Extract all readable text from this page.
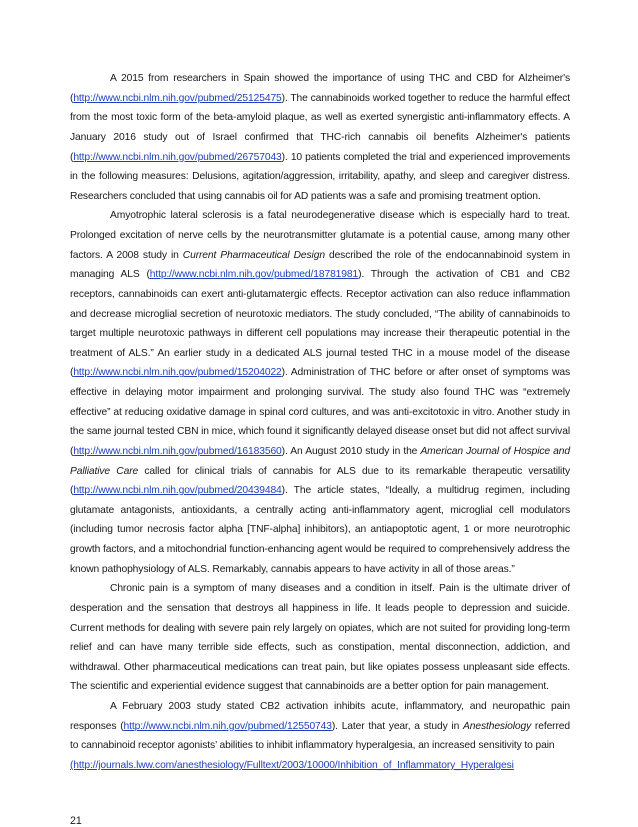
A 2015 from researchers in Spain showed the importance of using THC and CBD for Alzheimer's (http://www.ncbi.nlm.nih.gov/pubmed/25125475). The cannabinoids worked together to reduce the harmful effect from the most toxic form of the beta-amyloid plaque, as well as exerted synergistic anti-inflammatory effects. A January 2016 study out of Israel confirmed that THC-rich cannabis oil benefits Alzheimer's patients (http://www.ncbi.nlm.nih.gov/pubmed/26757043). 10 patients completed the trial and experienced improvements in the following measures: Delusions, agitation/aggression, irritability, apathy, and sleep and caregiver distress. Researchers concluded that using cannabis oil for AD patients was a safe and promising treatment option.

Amyotrophic lateral sclerosis is a fatal neurodegenerative disease which is especially hard to treat. Prolonged excitation of nerve cells by the neurotransmitter glutamate is a potential cause, among many other factors. A 2008 study in Current Pharmaceutical Design described the role of the endocannabinoid system in managing ALS (http://www.ncbi.nlm.nih.gov/pubmed/18781981). Through the activation of CB1 and CB2 receptors, cannabinoids can exert anti-glutamatergic effects. Receptor activation can also reduce inflammation and decrease microglial secretion of neurotoxic mediators. The study concluded, “The ability of cannabinoids to target multiple neurotoxic pathways in different cell populations may increase their therapeutic potential in the treatment of ALS.” An earlier study in a dedicated ALS journal tested THC in a mouse model of the disease (http://www.ncbi.nlm.nih.gov/pubmed/15204022). Administration of THC before or after onset of symptoms was effective in delaying motor impairment and prolonging survival. The study also found THC was “extremely effective” at reducing oxidative damage in spinal cord cultures, and was anti-excitotoxic in vitro. Another study in the same journal tested CBN in mice, which found it significantly delayed disease onset but did not affect survival (http://www.ncbi.nlm.nih.gov/pubmed/16183560). An August 2010 study in the American Journal of Hospice and Palliative Care called for clinical trials of cannabis for ALS due to its remarkable therapeutic versatility (http://www.ncbi.nlm.nih.gov/pubmed/20439484). The article states, “Ideally, a multidrug regimen, including glutamate antagonists, antioxidants, a centrally acting anti-inflammatory agent, microglial cell modulators (including tumor necrosis factor alpha [TNF-alpha] inhibitors), an antiapoptotic agent, 1 or more neurotrophic growth factors, and a mitochondrial function-enhancing agent would be required to comprehensively address the known pathophysiology of ALS. Remarkably, cannabis appears to have activity in all of those areas.”

Chronic pain is a symptom of many diseases and a condition in itself. Pain is the ultimate driver of desperation and the sensation that destroys all happiness in life. It leads people to depression and suicide. Current methods for dealing with severe pain rely largely on opiates, which are not suited for providing long-term relief and can have many terrible side effects, such as constipation, mental disconnection, addiction, and withdrawal. Other pharmaceutical medications can treat pain, but like opiates possess unpleasant side effects. The scientific and experiential evidence suggest that cannabinoids are a better option for pain management.

A February 2003 study stated CB2 activation inhibits acute, inflammatory, and neuropathic pain responses (http://www.ncbi.nlm.nih.gov/pubmed/12550743). Later that year, a study in Anesthesiology referred to cannabinoid receptor agonists’ abilities to inhibit inflammatory hyperalgesia, an increased sensitivity to pain

(http://journals.lww.com/anesthesiology/Fulltext/2003/10000/Inhibition_of_Inflammatory_Hyperalgesi

21
